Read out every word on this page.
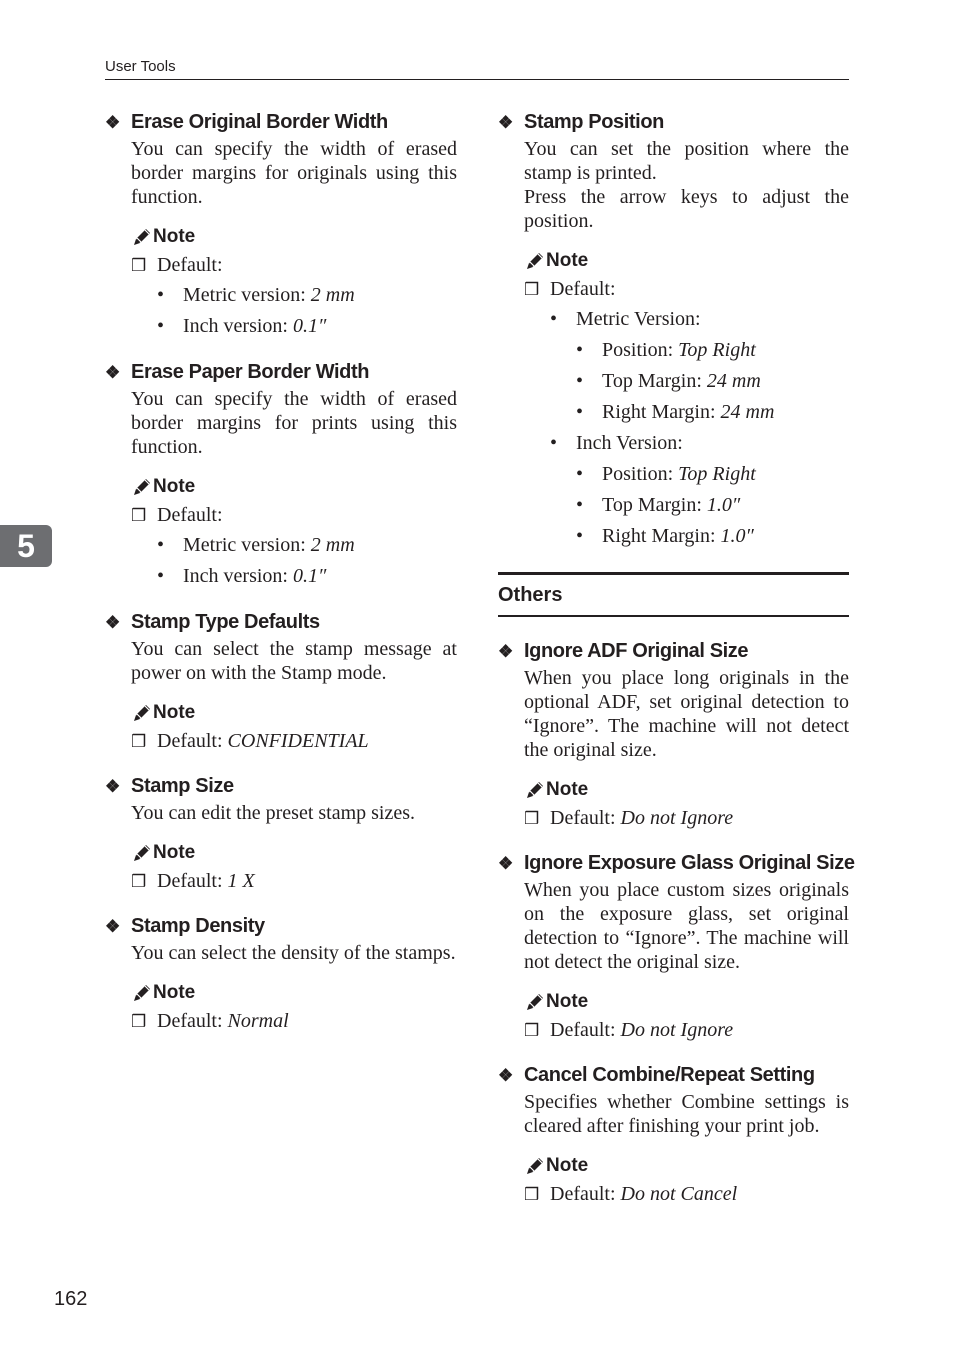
User Tools
5
❖ Erase Original Border Width
You can specify the width of erased border margins for originals using this function.
Note
❒ Default:
• Metric version: 2 mm
• Inch version: 0.1″
❖ Erase Paper Border Width
You can specify the width of erased border margins for prints using this function.
Note
❒ Default:
• Metric version: 2 mm
• Inch version: 0.1″
❖ Stamp Type Defaults
You can select the stamp message at power on with the Stamp mode.
Note
❒ Default: CONFIDENTIAL
❖ Stamp Size
You can edit the preset stamp sizes.
Note
❒ Default: 1 X
❖ Stamp Density
You can select the density of the stamps.
Note
❒ Default: Normal
❖ Stamp Position
You can set the position where the stamp is printed.
Press the arrow keys to adjust the position.
Note
❒ Default:
• Metric Version:
• Position: Top Right
• Top Margin: 24 mm
• Right Margin: 24 mm
• Inch Version:
• Position: Top Right
• Top Margin: 1.0″
• Right Margin: 1.0″
Others
❖ Ignore ADF Original Size
When you place long originals in the optional ADF, set original detection to “Ignore”. The machine will not detect the original size.
Note
❒ Default: Do not Ignore
❖ Ignore Exposure Glass Original Size
When you place custom sizes originals on the exposure glass, set original detection to “Ignore”. The machine will not detect the original size.
Note
❒ Default: Do not Ignore
❖ Cancel Combine/Repeat Setting
Specifies whether Combine settings is cleared after finishing your print job.
Note
❒ Default: Do not Cancel
162
